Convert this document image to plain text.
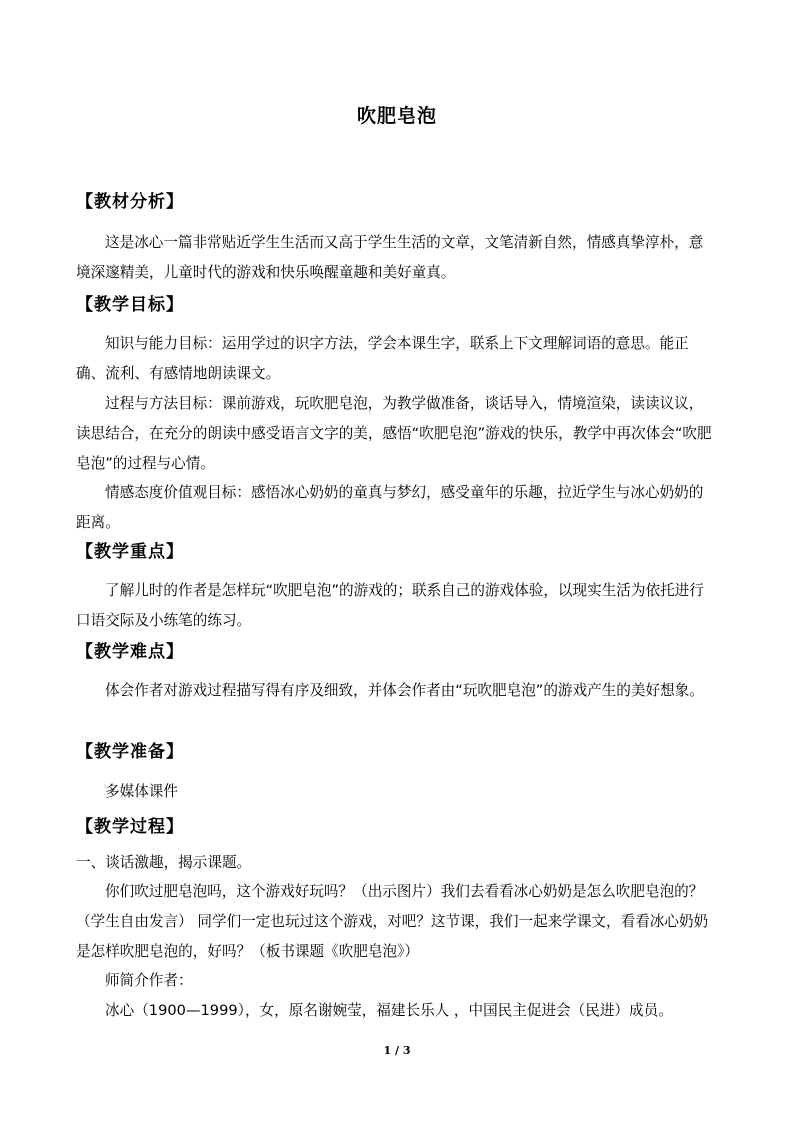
吹肥皂泡
【教材分析】
这是冰心一篇非常贴近学生生活而又高于学生生活的文章，文笔清新自然，情感真挚淳朴，意境深邃精美，儿童时代的游戏和快乐唤醒童趣和美好童真。
【教学目标】
知识与能力目标：运用学过的识字方法，学会本课生字，联系上下文理解词语的意思。能正确、流利、有感情地朗读课文。
过程与方法目标：课前游戏，玩吹肥皂泡，为教学做准备，谈话导入，情境渲染，读读议议，读思结合，在充分的朗读中感受语言文字的美，感悟“吹肥皂泡”游戏的快乐，教学中再次体会“吹肥皂泡”的过程与心情。
情感态度价值观目标：感悟冰心奶奶的童真与梦幻，感受童年的乐趣，拉近学生与冰心奶奶的距离。
【教学重点】
了解儿时的作者是怎样玩“吹肥皂泡”的游戏的；联系自己的游戏体验，以现实生活为依托进行口语交际及小练笔的练习。
【教学难点】
体会作者对游戏过程描写得有序及细致，并体会作者由“玩吹肥皂泡”的游戏产生的美好想象。
【教学准备】
多媒体课件
【教学过程】
一、谈话激趣，揭示课题。
你们吹过肥皂泡吗，这个游戏好玩吗？（出示图片）我们去看看冰心奶奶是怎么吹肥皂泡的？（学生自由发言） 同学们一定也玩过这个游戏，对吧？这节课，我们一起来学课文，看看冰心奶奶是怎样吹肥皂泡的，好吗？（板书课题《吹肥皂泡》）
师简介作者：
冰心（1900—1999），女，原名谢婉莹，福建长乐人 ，中国民主促进会（民进）成员。
1 / 3
